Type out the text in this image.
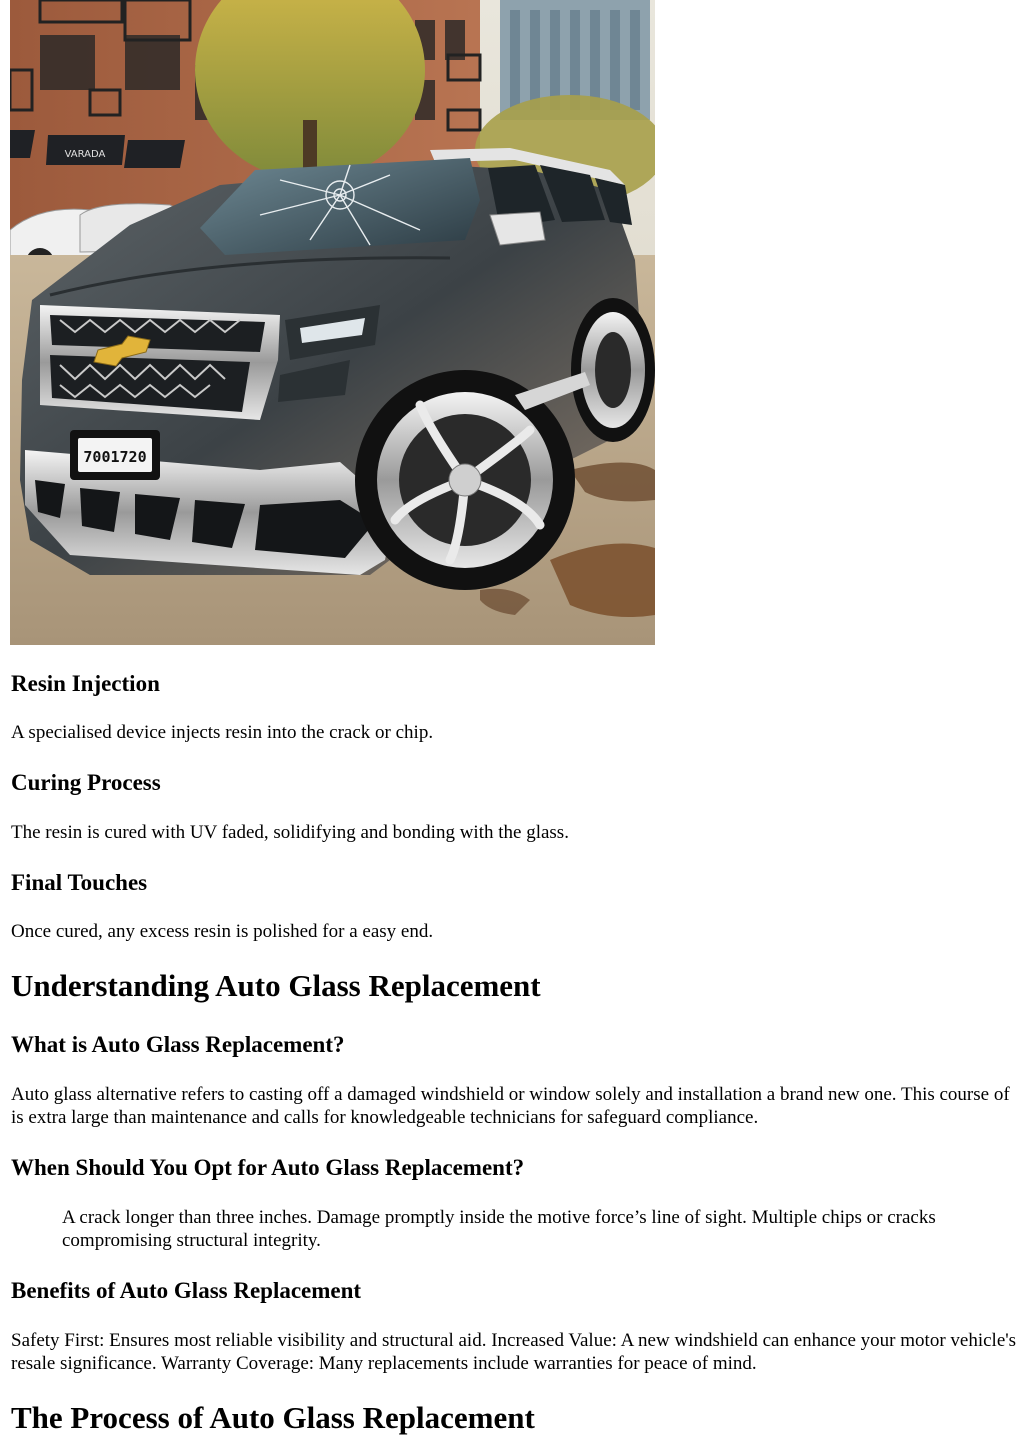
VARADA
7001720
Resin Injection

A specialised device injects resin into the crack or chip.

Curing Process

The resin is cured with UV faded, solidifying and bonding with the glass.

Final Touches

Once cured, any excess resin is polished for a easy end.

Understanding Auto Glass Replacement
What is Auto Glass Replacement?

Auto glass alternative refers to casting off a damaged windshield or window solely and installation a brand new one. This course of is extra large than maintenance and calls for knowledgeable technicians for safeguard compliance.

When Should You Opt for Auto Glass Replacement?

A crack longer than three inches. Damage promptly inside the motive force’s line of sight. Multiple chips or cracks compromising structural integrity.

Benefits of Auto Glass Replacement

Safety First: Ensures most reliable visibility and structural aid. Increased Value: A new windshield can enhance your motor vehicle's resale significance. Warranty Coverage: Many replacements include warranties for peace of mind.

The Process of Auto Glass Replacement
